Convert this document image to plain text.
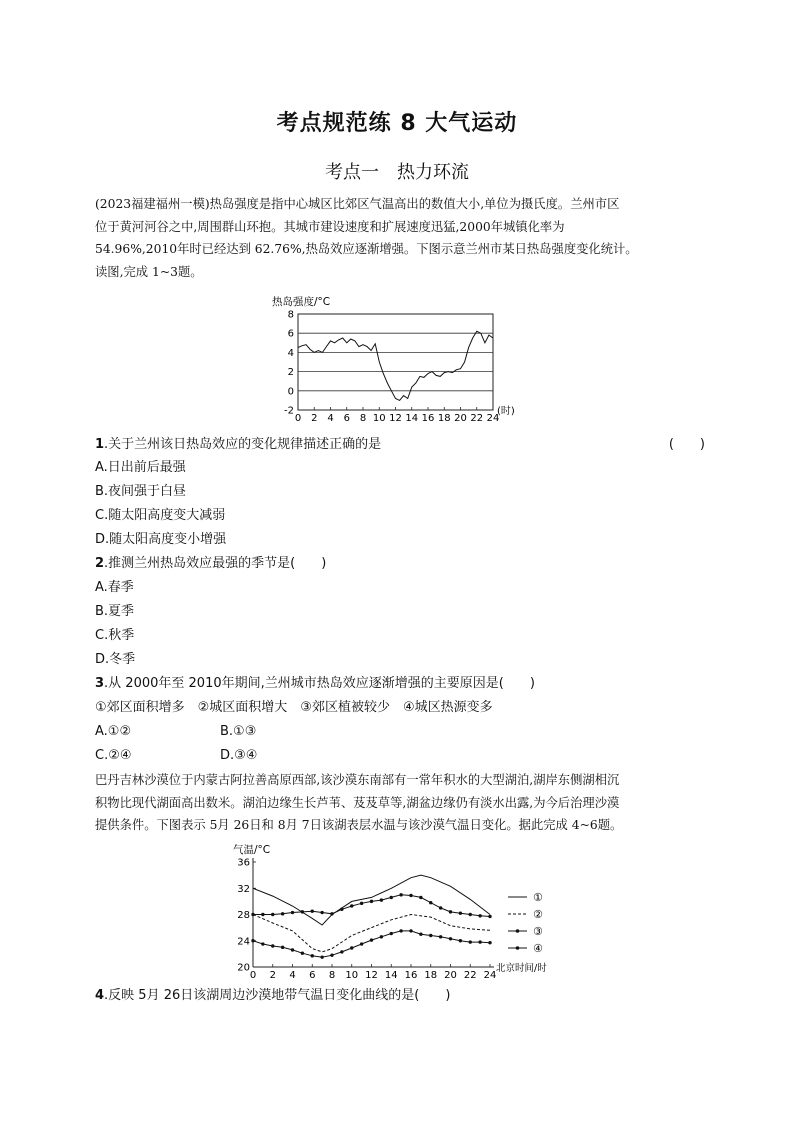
考点规范练 8 大气运动
考点一　热力环流
(2023福建福州一模)热岛强度是指中心城区比郊区气温高出的数值大小,单位为摄氏度。兰州市区
位于黄河河谷之中,周围群山环抱。其城市建设速度和扩展速度迅猛,2000年城镇化率为
54.96%,2010年时已经达到 62.76%,热岛效应逐渐增强。下图示意兰州市某日热岛强度变化统计。
读图,完成 1~3题。
热岛强度/°C
-2
0
2
4
6
8
0 2 4 6 8 10 12 14 16 18 20 22 24
(时)
1.关于兰州该日热岛效应的变化规律描述正确的是	(　　)
A.日出前后最强
B.夜间强于白昼
C.随太阳高度变大减弱
D.随太阳高度变小增强
2.推测兰州热岛效应最强的季节是(　　)
A.春季
B.夏季
C.秋季
D.冬季
3.从 2000年至 2010年期间,兰州城市热岛效应逐渐增强的主要原因是(　　)
①郊区面积增多　②城区面积增大　③郊区植被较少　④城区热源变多
A.①②	B.①③
C.②④	D.③④
巴丹吉林沙漠位于内蒙古阿拉善高原西部,该沙漠东南部有一常年积水的大型湖泊,湖岸东侧湖相沉
积物比现代湖面高出数米。湖泊边缘生长芦苇、芨芨草等,湖盆边缘仍有淡水出露,为今后治理沙漠
提供条件。下图表示 5月 26日和 8月 7日该湖表层水温与该沙漠气温日变化。据此完成 4~6题。
气温/°C
20
24
28
32
36
0 2 4 6 8 10 12 14 16 18 20 22 24
北京时间/时
①
②
③
④
4.反映 5月 26日该湖周边沙漠地带气温日变化曲线的是(　　)
